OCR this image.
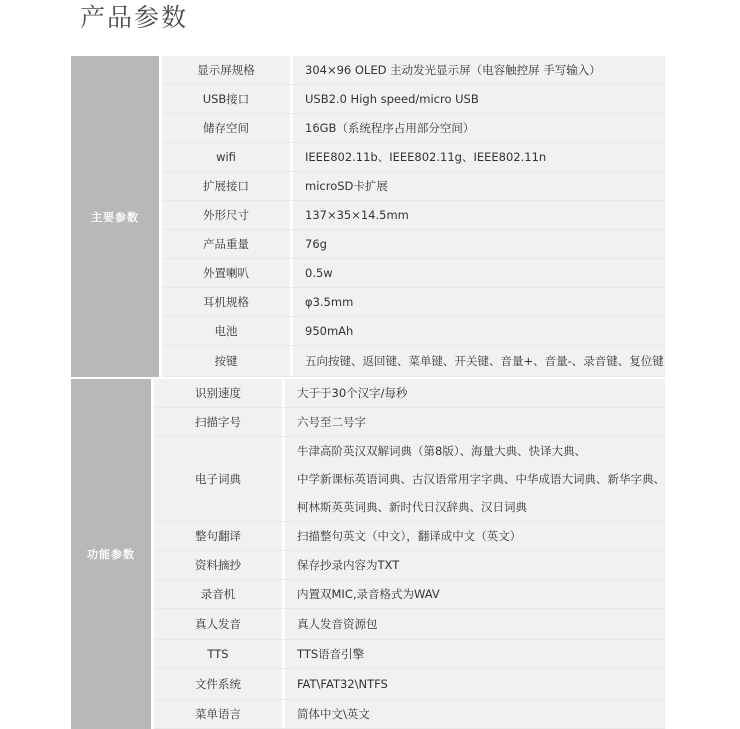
产品参数
主要参数
显示屏规格	304×96 OLED 主动发光显示屏（电容触控屏 手写输入）
USB接口	USB2.0 High speed/micro USB
储存空间	16GB（系统程序占用部分空间）
wifi	IEEE802.11b、IEEE802.11g、IEEE802.11n
扩展接口	microSD卡扩展
外形尺寸	137×35×14.5mm
产品重量	76g
外置喇叭	0.5w
耳机规格	φ3.5mm
电池	950mAh
按键	五向按键、返回键、菜单键、开关键、音量+、音量-、录音键、复位键
功能参数
识别速度	大于于30个汉字/每秒
扫描字号	六号至二号字
电子词典
牛津高阶英汉双解词典（第8版）、海量大典、快译大典、
中学新课标英语词典、古汉语常用字字典、中华成语大词典、新华字典、
柯林斯英英词典、新时代日汉辞典、汉日词典
整句翻译	扫描整句英文（中文），翻译成中文（英文）
资料摘抄	保存抄录内容为TXT
录音机	内置双MIC,录音格式为WAV
真人发音	真人发音资源包
TTS	TTS语音引擎
文件系统	FAT\FAT32\NTFS
菜单语言	简体中文\英文
